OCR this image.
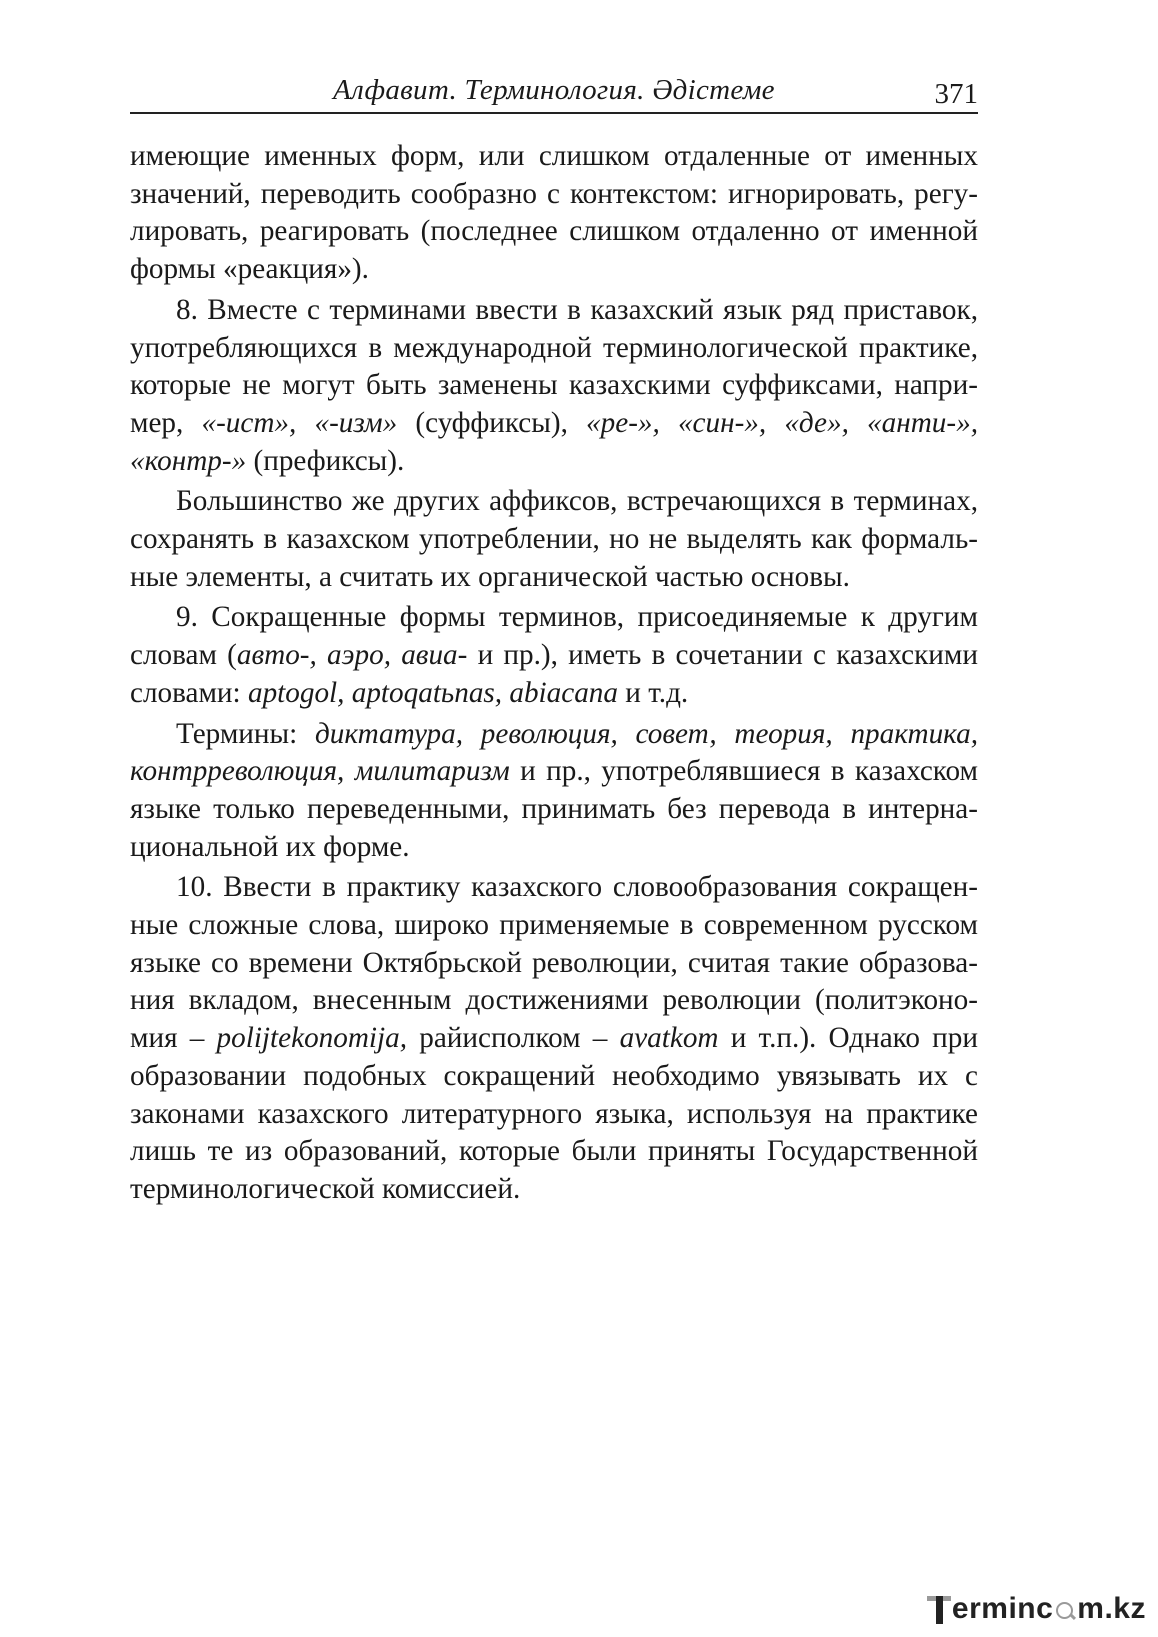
Алфавит. Терминология. Әдістеме	371

имеющие именных форм, или слишком отдаленные от именных значений, переводить сообразно с контекстом: игнорировать, регулировать, реагировать (последнее слишком отдаленно от именной формы «реакция»).

8. Вместе с терминами ввести в казахский язык ряд приставок, употребляющихся в международной терминологической практике, которые не могут быть заменены казахскими суффиксами, например, «-ист», «-изм» (суффиксы), «ре-», «син-», «де», «анти-», «контр-» (префиксы).

Большинство же других аффиксов, встречающихся в терминах, сохранять в казахском употреблении, но не выделять как формальные элементы, а считать их органической частью основы.

9. Сокращенные формы терминов, присоединяемые к другим словам (авто-, аэро, авиа- и пр.), иметь в сочетании с казахскими словами: aptogol, aptoqatьnas, abiacana и т.д.

Термины: диктатура, революция, совет, теория, практика, контрреволюция, милитаризм и пр., употреблявшиеся в казахском языке только переведенными, принимать без перевода в интернациональной их форме.

10. Ввести в практику казахского словообразования сокращенные сложные слова, широко применяемые в современном русском языке со времени Октябрьской революции, считая такие образования вкладом, внесенным достижениями революции (политэкономия – polijtekonomija, райисполком – avatkom и т.п.). Однако при образовании подобных сокращений необходимо увязывать их с законами казахского литературного языка, используя на практике лишь те из образований, которые были приняты Государственной терминологической комиссией.

ermin c m.kz
